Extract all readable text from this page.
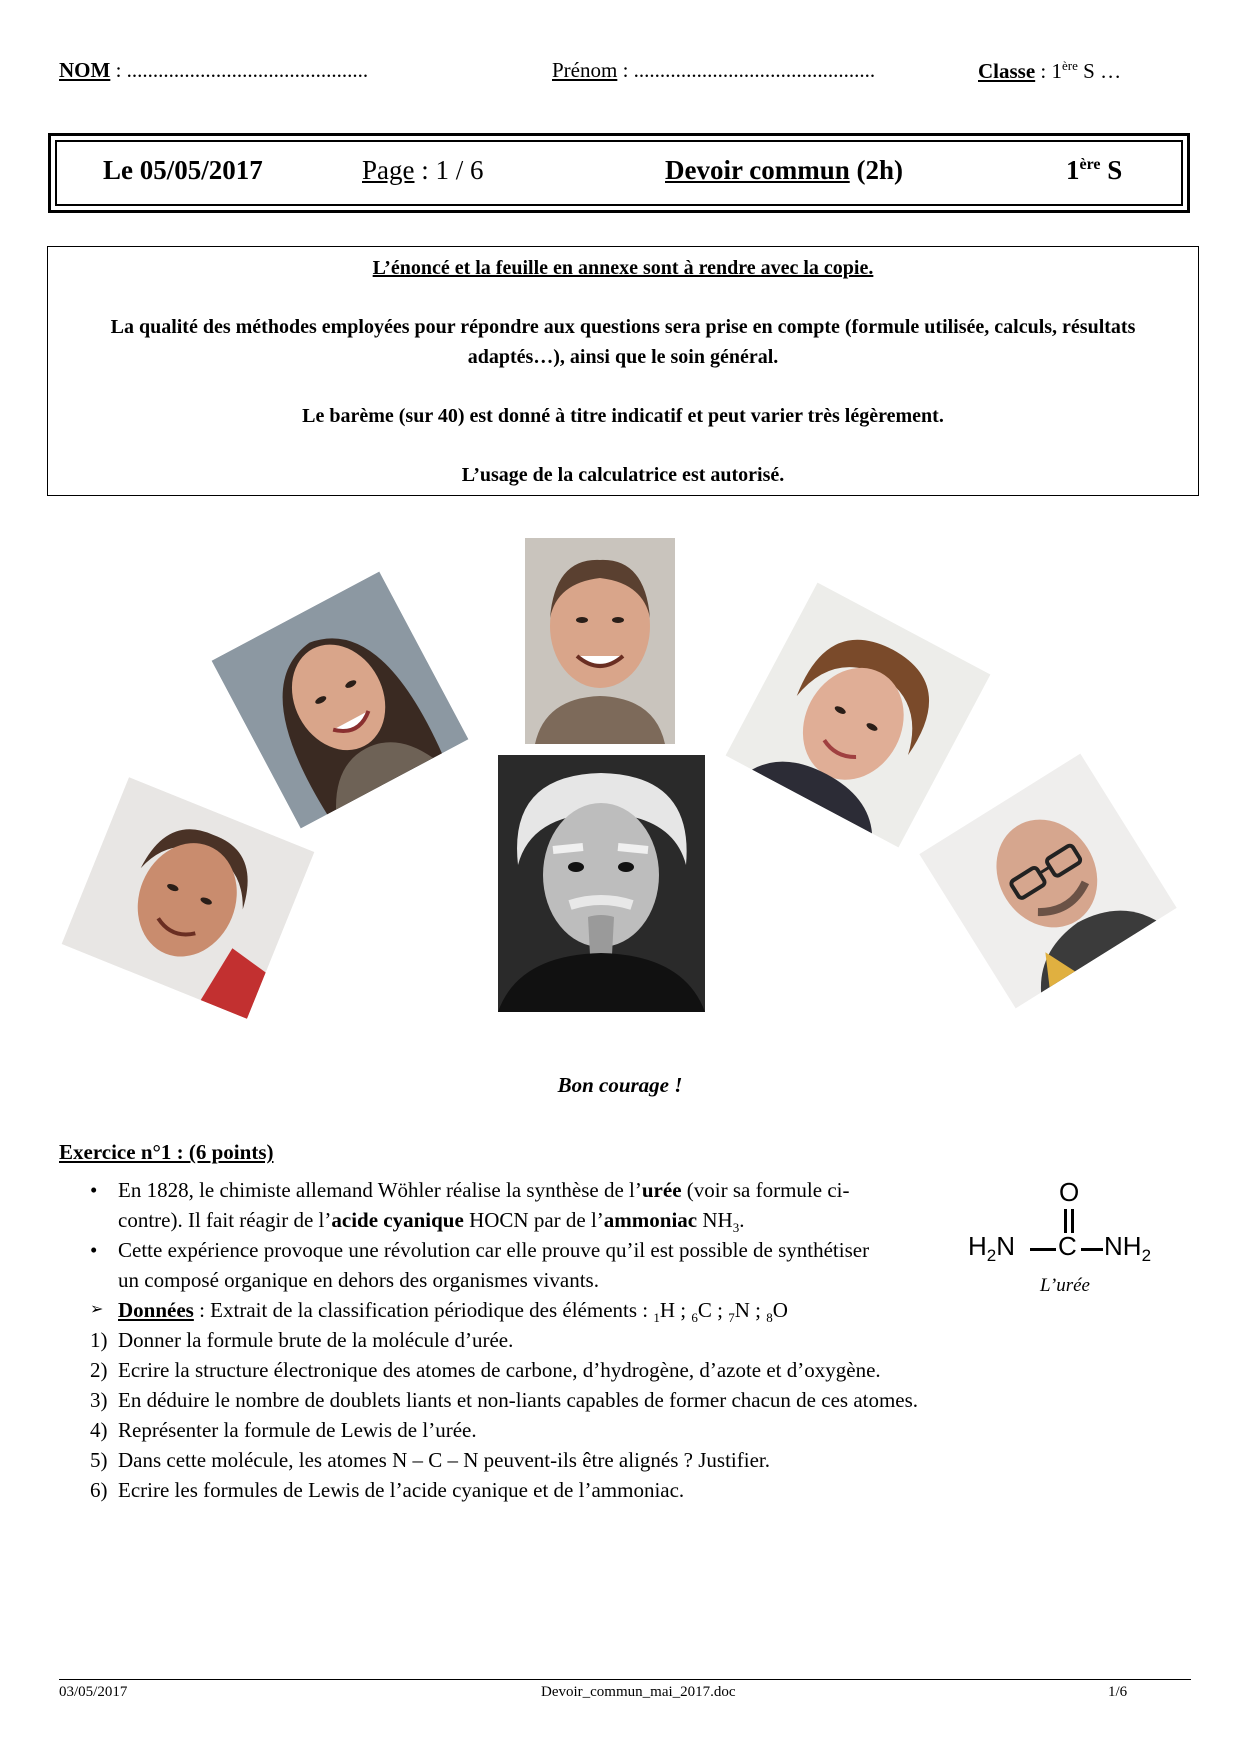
NOM : ..............................................	Prénom : ..............................................	Classe : 1ère S …
Le 05/05/2017	Page : 1 / 6	Devoir commun (2h)	1ère S

L’énoncé et la feuille en annexe sont à rendre avec la copie.

La qualité des méthodes employées pour répondre aux questions sera prise en compte (formule utilisée, calculs, résultats adaptés…), ainsi que le soin général.

Le barème (sur 40) est donné à titre indicatif et peut varier très légèrement.

L’usage de la calculatrice est autorisé.

Bon courage !
Exercice n°1 : (6 points)
• En 1828, le chimiste allemand Wöhler réalise la synthèse de l’urée (voir sa formule ci-
contre). Il fait réagir de l’acide cyanique HOCN par de l’ammoniac $NH_3$.
• Cette expérience provoque une révolution car elle prouve qu’il est possible de synthétiser
un composé organique en dehors des organismes vivants.
➢ Données : Extrait de la classification périodique des éléments : $_1$H ; $_6$C ; $_7$N ; $_8$O
1) Donner la formule brute de la molécule d’urée.
2) Ecrire la structure électronique des atomes de carbone, d’hydrogène, d’azote et d’oxygène.
3) En déduire le nombre de doublets liants et non-liants capables de former chacun de ces atomes.
4) Représenter la formule de Lewis de l’urée.
5) Dans cette molécule, les atomes N – C – N peuvent-ils être alignés ? Justifier.
6) Ecrire les formules de Lewis de l’acide cyanique et de l’ammoniac.
O
$H_2N$ C $NH_2$
L’urée
03/05/2017	Devoir_commun_mai_2017.doc	1/6
